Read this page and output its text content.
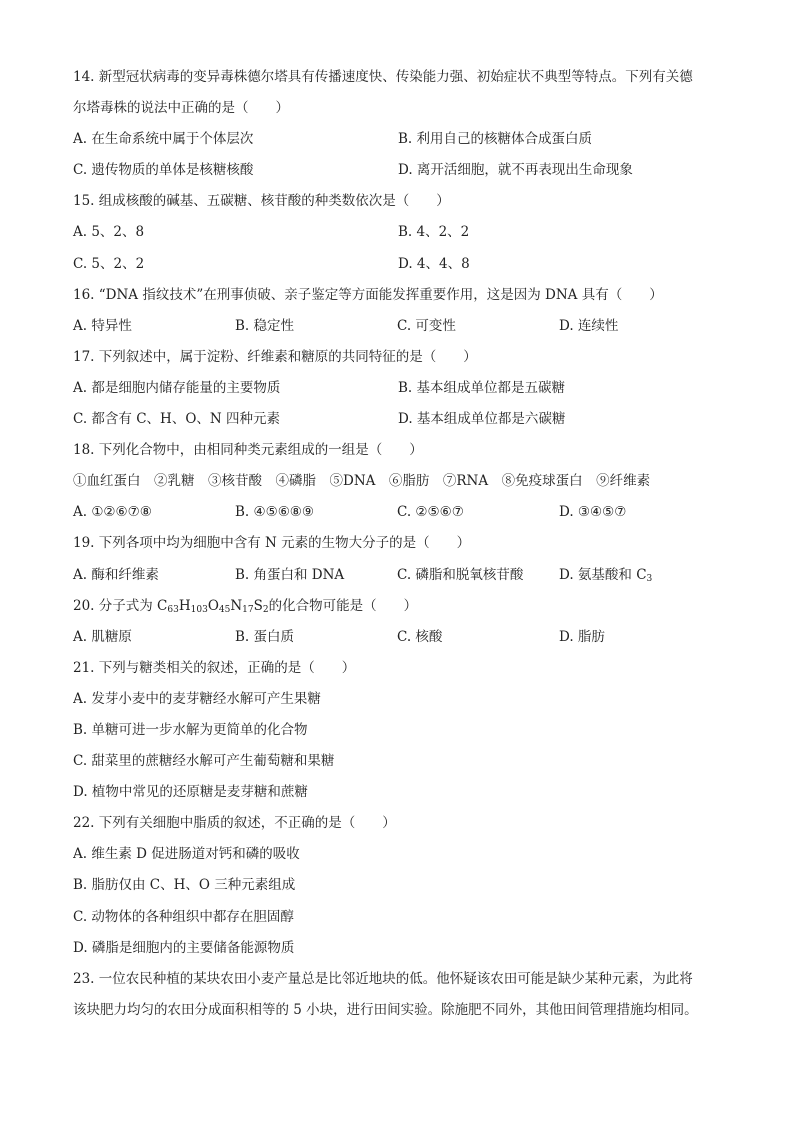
14. 新型冠状病毒的变异毒株德尔塔具有传播速度快、传染能力强、初始症状不典型等特点。下列有关德
尔塔毒株的说法中正确的是（　　）
A. 在生命系统中属于个体层次	B. 利用自己的核糖体合成蛋白质
C. 遗传物质的单体是核糖核酸	D. 离开活细胞，就不再表现出生命现象
15. 组成核酸的碱基、五碳糖、核苷酸的种类数依次是（　　）
A. 5、2、8	B. 4、2、2
C. 5、2、2	D. 4、4、8
16. “DNA 指纹技术”在刑事侦破、亲子鉴定等方面能发挥重要作用，这是因为 DNA 具有（　　）
A. 特异性	B. 稳定性	C. 可变性	D. 连续性
17. 下列叙述中，属于淀粉、纤维素和糖原的共同特征的是（　　）
A. 都是细胞内储存能量的主要物质	B. 基本组成单位都是五碳糖
C. 都含有 C、H、O、N 四种元素	D. 基本组成单位都是六碳糖
18. 下列化合物中，由相同种类元素组成的一组是（　　）
①血红蛋白　②乳糖　③核苷酸　④磷脂　⑤DNA　⑥脂肪　⑦RNA　⑧免疫球蛋白　⑨纤维素
A. ①②⑥⑦⑧	B. ④⑤⑥⑧⑨	C. ②⑤⑥⑦	D. ③④⑤⑦
19. 下列各项中均为细胞中含有 N 元素的生物大分子的是（　　）
A. 酶和纤维素	B. 角蛋白和 DNA	C. 磷脂和脱氧核苷酸	D. 氨基酸和 $C_3$
20. 分子式为 $C_{63}H_{103}O_{45}N_{17}S_2$的化合物可能是（　　）
A. 肌糖原	B. 蛋白质	C. 核酸	D. 脂肪
21. 下列与糖类相关的叙述，正确的是（　　）
A. 发芽小麦中的麦芽糖经水解可产生果糖
B. 单糖可进一步水解为更简单的化合物
C. 甜菜里的蔗糖经水解可产生葡萄糖和果糖
D. 植物中常见的还原糖是麦芽糖和蔗糖
22. 下列有关细胞中脂质的叙述，不正确的是（　　）
A. 维生素 D 促进肠道对钙和磷的吸收
B. 脂肪仅由 C、H、O 三种元素组成
C. 动物体的各种组织中都存在胆固醇
D. 磷脂是细胞内的主要储备能源物质
23. 一位农民种植的某块农田小麦产量总是比邻近地块的低。他怀疑该农田可能是缺少某种元素，为此将
该块肥力均匀的农田分成面积相等的 5 小块，进行田间实验。除施肥不同外，其他田间管理措施均相同。
